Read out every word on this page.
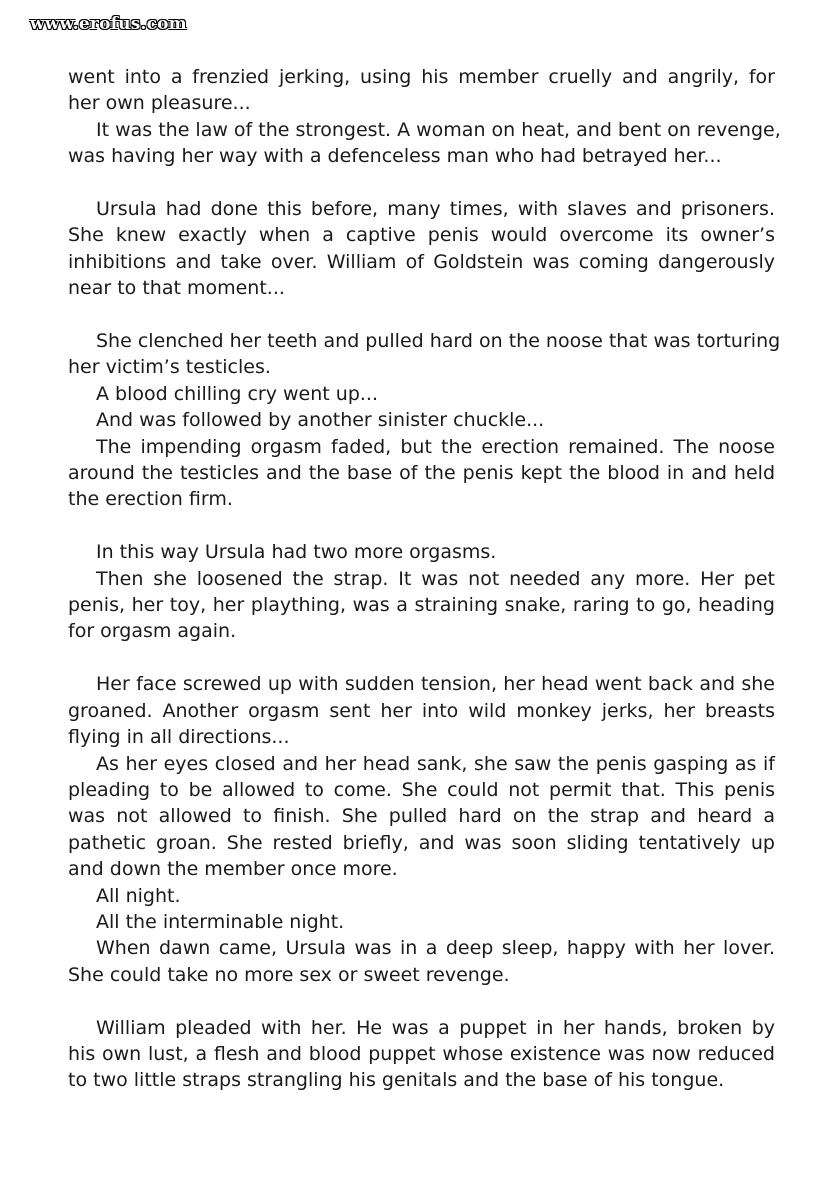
www.erofus.com
went into a frenzied jerking, using his member cruelly and angrily, for
her own pleasure...
It was the law of the strongest. A woman on heat, and bent on revenge,
was having her way with a defenceless man who had betrayed her...
Ursula had done this before, many times, with slaves and prisoners.
She knew exactly when a captive penis would overcome its owner’s
inhibitions and take over. William of Goldstein was coming dangerously
near to that moment...
She clenched her teeth and pulled hard on the noose that was torturing
her victim’s testicles.
A blood chilling cry went up...
And was followed by another sinister chuckle...
The impending orgasm faded, but the erection remained. The noose
around the testicles and the base of the penis kept the blood in and held
the erection firm.
In this way Ursula had two more orgasms.
Then she loosened the strap. It was not needed any more. Her pet
penis, her toy, her plaything, was a straining snake, raring to go, heading
for orgasm again.
Her face screwed up with sudden tension, her head went back and she
groaned. Another orgasm sent her into wild monkey jerks, her breasts
flying in all directions...
As her eyes closed and her head sank, she saw the penis gasping as if
pleading to be allowed to come. She could not permit that. This penis
was not allowed to finish. She pulled hard on the strap and heard a
pathetic groan. She rested briefly, and was soon sliding tentatively up
and down the member once more.
All night.
All the interminable night.
When dawn came, Ursula was in a deep sleep, happy with her lover.
She could take no more sex or sweet revenge.
William pleaded with her. He was a puppet in her hands, broken by
his own lust, a flesh and blood puppet whose existence was now reduced
to two little straps strangling his genitals and the base of his tongue.
